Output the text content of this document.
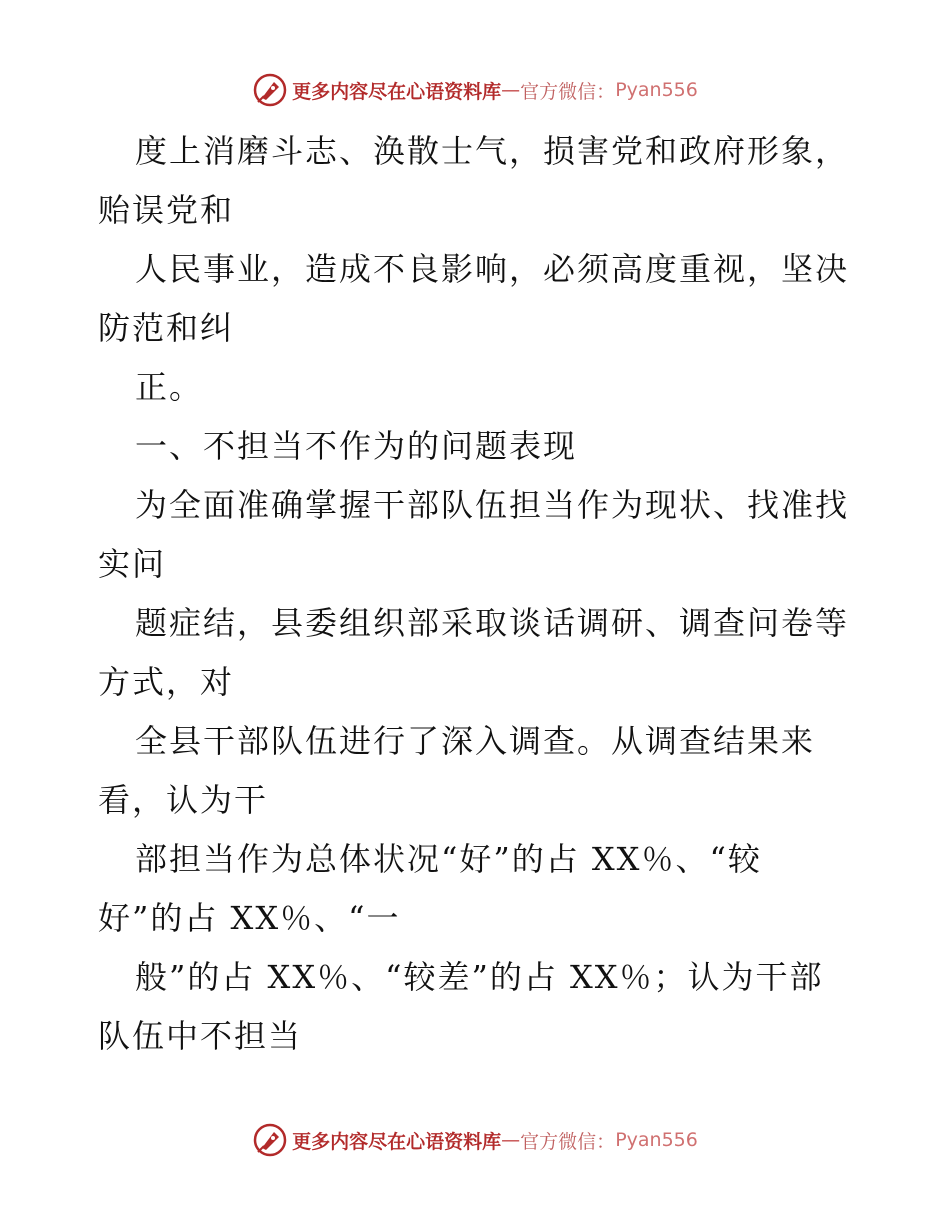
更多内容尽在心语资料库 — 官方微信： Pyan556
度上消磨斗志、涣散士气，损害党和政府形象，
贻误党和
人民事业，造成不良影响，必须高度重视，坚决
防范和纠
正。
一、不担当不作为的问题表现
为全面准确掌握干部队伍担当作为现状、找准找
实问
题症结，县委组织部采取谈话调研、调查问卷等
方式，对
全县干部队伍进行了深入调查。从调查结果来
看，认为干
部担当作为总体状况“好”的占 XX％、“较
好”的占 XX％、“一
般”的占 XX％、“较差”的占 XX％；认为干部
队伍中不担当
更多内容尽在心语资料库 — 官方微信： Pyan556
